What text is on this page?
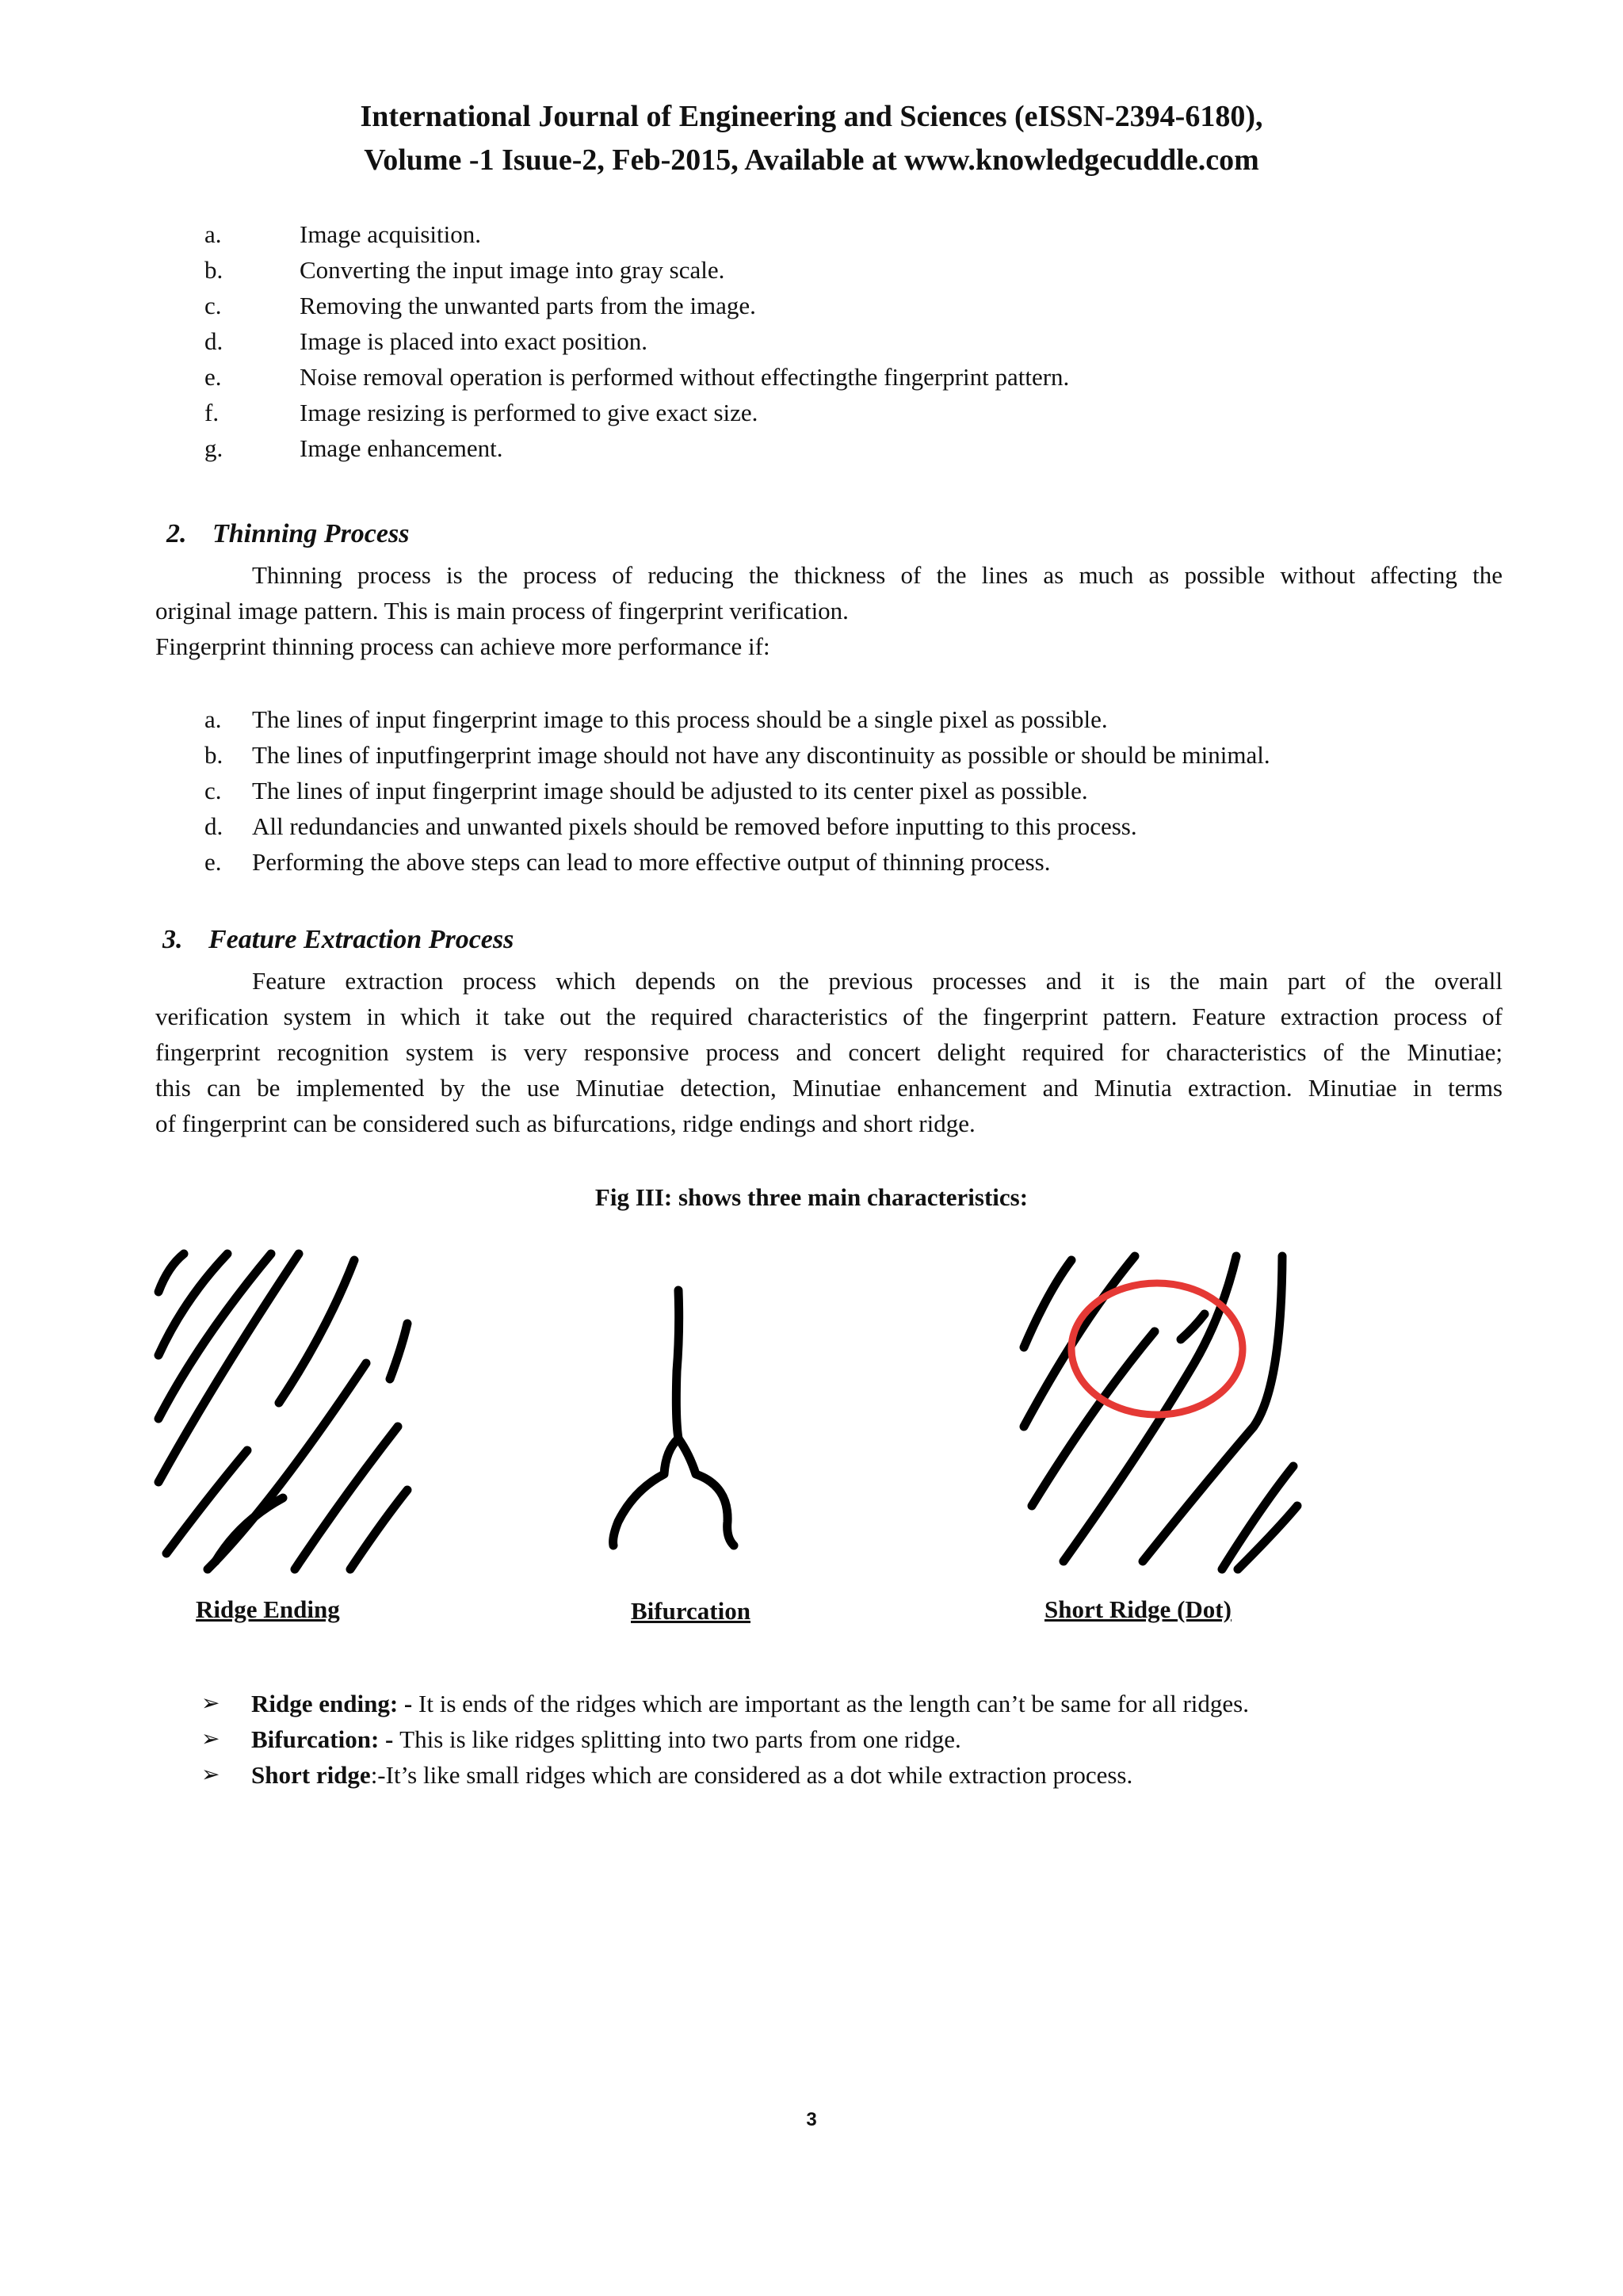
International Journal of Engineering and Sciences (eISSN-2394-6180),
Volume -1 Isuue-2, Feb-2015, Available at www.knowledgecuddle.com
a.	Image acquisition.
b.	Converting the input image into gray scale.
c.	Removing the unwanted parts from the image.
d.	Image is placed into exact position.
e.	Noise removal operation is performed without effectingthe fingerprint pattern.
f.	Image resizing is performed to give exact size.
g.	Image enhancement.
2. Thinning Process
Thinning process is the process of reducing the thickness of the lines as much as possible without affecting the
original image pattern. This is main process of fingerprint verification.
Fingerprint thinning process can achieve more performance if:
a. The lines of input fingerprint image to this process should be a single pixel as possible.
b. The lines of inputfingerprint image should not have any discontinuity as possible or should be minimal.
c. The lines of input fingerprint image should be adjusted to its center pixel as possible.
d. All redundancies and unwanted pixels should be removed before inputting to this process.
e. Performing the above steps can lead to more effective output of thinning process.
3. Feature Extraction Process
Feature extraction process which depends on the previous processes and it is the main part of the overall
verification system in which it take out the required characteristics of the fingerprint pattern. Feature extraction process of
fingerprint recognition system is very responsive process and concert delight required for characteristics of the Minutiae;
this can be implemented by the use Minutiae detection, Minutiae enhancement and Minutia extraction. Minutiae in terms
of fingerprint can be considered such as bifurcations, ridge endings and short ridge.
Fig III: shows three main characteristics:
Ridge Ending	Bifurcation	Short Ridge (Dot)
➢ Ridge ending: - It is ends of the ridges which are important as the length can’t be same for all ridges.
➢ Bifurcation: - This is like ridges splitting into two parts from one ridge.
➢ Short ridge:-It’s like small ridges which are considered as a dot while extraction process.
3
